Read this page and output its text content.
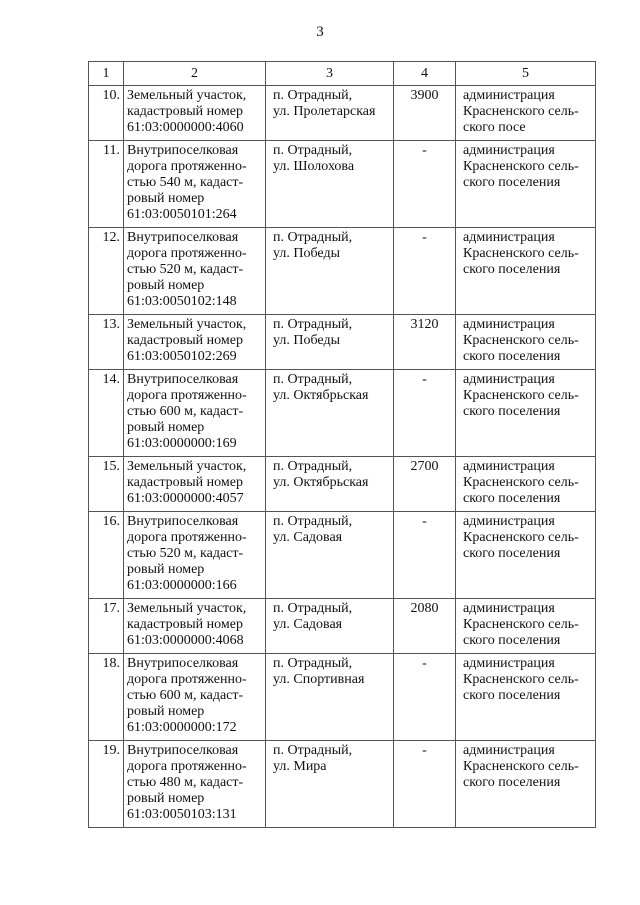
3
1	2	3	4	5
10.	Земельный участок,
кадастровый номер
61:03:0000000:4060	п. Отрадный,
ул. Пролетарская	3900	администрация
Красненского сель-
ского посе
11.	Внутрипоселковая
дорога протяженно-
стью 540 м, кадаст-
ровый номер
61:03:0050101:264	п. Отрадный,
ул. Шолохова	-	администрация
Красненского сель-
ского поселения
12.	Внутрипоселковая
дорога протяженно-
стью 520 м, кадаст-
ровый номер
61:03:0050102:148	п. Отрадный,
ул. Победы	-	администрация
Красненского сель-
ского поселения
13.	Земельный участок,
кадастровый номер
61:03:0050102:269	п. Отрадный,
ул. Победы	3120	администрация
Красненского сель-
ского поселения
14.	Внутрипоселковая
дорога протяженно-
стью 600 м, кадаст-
ровый номер
61:03:0000000:169	п. Отрадный,
ул. Октябрьская	-	администрация
Красненского сель-
ского поселения
15.	Земельный участок,
кадастровый номер
61:03:0000000:4057	п. Отрадный,
ул. Октябрьская	2700	администрация
Красненского сель-
ского поселения
16.	Внутрипоселковая
дорога протяженно-
стью 520 м, кадаст-
ровый номер
61:03:0000000:166	п. Отрадный,
ул. Садовая	-	администрация
Красненского сель-
ского поселения
17.	Земельный участок,
кадастровый номер
61:03:0000000:4068	п. Отрадный,
ул. Садовая	2080	администрация
Красненского сель-
ского поселения
18.	Внутрипоселковая
дорога протяженно-
стью 600 м, кадаст-
ровый номер
61:03:0000000:172	п. Отрадный,
ул. Спортивная	-	администрация
Красненского сель-
ского поселения
19.	Внутрипоселковая
дорога протяженно-
стью 480 м, кадаст-
ровый номер
61:03:0050103:131	п. Отрадный,
ул. Мира	-	администрация
Красненского сель-
ского поселения
